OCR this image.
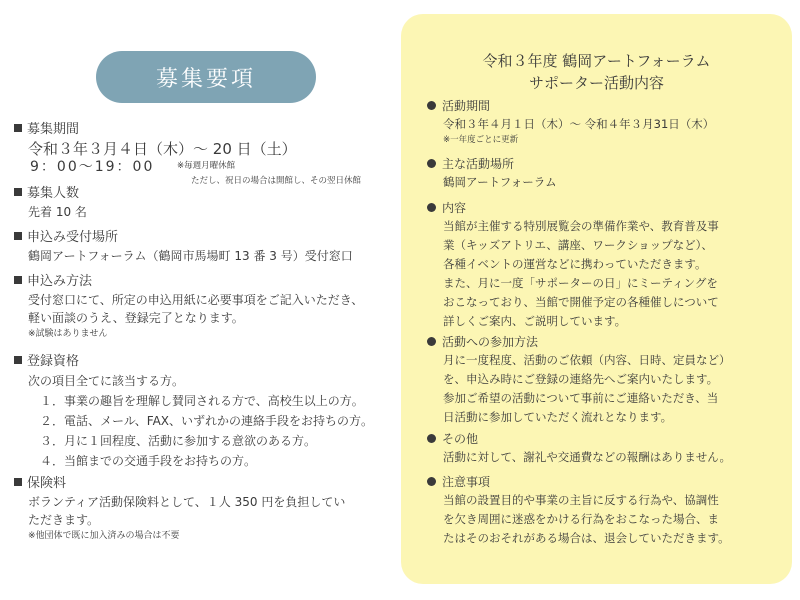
募集要項
募集期間
令和３年３月４日（木）～ 20 日（土）
9：00～19：00	※毎週月曜休館
ただし、祝日の場合は開館し、その翌日休館
募集人数
先着 10 名
申込み受付場所
鶴岡アートフォーラム（鶴岡市馬場町 13 番 3 号）受付窓口
申込み方法
受付窓口にて、所定の申込用紙に必要事項をご記入いただき、
軽い面談のうえ、登録完了となります。
※試験はありません
登録資格
次の項目全てに該当する方。
１．事業の趣旨を理解し賛同される方で、高校生以上の方。
２．電話、メール、FAX、いずれかの連絡手段をお持ちの方。
３．月に１回程度、活動に参加する意欲のある方。
４．当館までの交通手段をお持ちの方。
保険料
ボランティア活動保険料として、１人 350 円を負担してい
ただきます。
※他団体で既に加入済みの場合は不要
令和３年度 鶴岡アートフォーラム
サポーター活動内容
活動期間
令和３年４月１日（木）～ 令和４年３月31日（木）
※一年度ごとに更新
主な活動場所
鶴岡アートフォーラム
内容
当館が主催する特別展覧会の準備作業や、教育普及事
業（キッズアトリエ、講座、ワークショップなど）、
各種イベントの運営などに携わっていただきます。
また、月に一度「サポーターの日」にミーティングを
おこなっており、当館で開催予定の各種催しについて
詳しくご案内、ご説明しています。
活動への参加方法
月に一度程度、活動のご依頼（内容、日時、定員など）
を、申込み時にご登録の連絡先へご案内いたします。
参加ご希望の活動について事前にご連絡いただき、当
日活動に参加していただく流れとなります。
その他
活動に対して、謝礼や交通費などの報酬はありません。
注意事項
当館の設置目的や事業の主旨に反する行為や、協調性
を欠き周囲に迷惑をかける行為をおこなった場合、ま
たはそのおそれがある場合は、退会していただきます。
